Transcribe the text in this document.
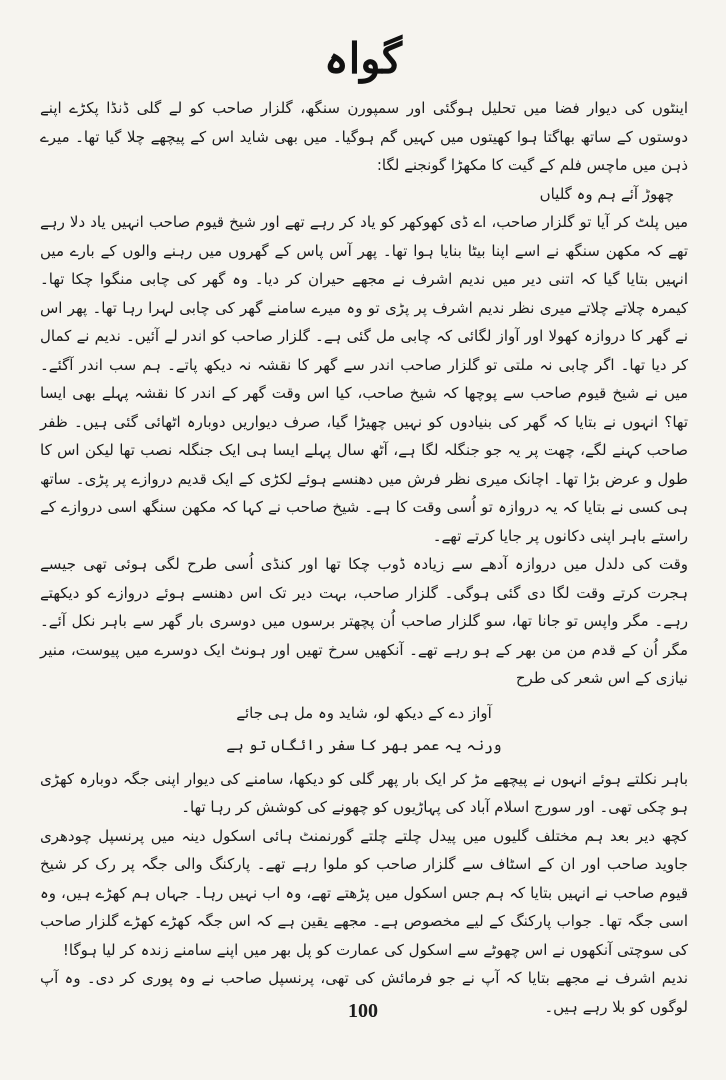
گواہ

اینٹوں کی دیوار فضا میں تحلیل ہوگئی اور سمپورن سنگھ، گلزار صاحب کو لے گلی ڈنڈا پکڑے اپنے دوستوں کے ساتھ بھاگتا ہوا کھیتوں میں کہیں گم ہوگیا۔ میں بھی شاید اس کے پیچھے چلا گیا تھا۔ میرے ذہن میں ماچس فلم کے گیت کا مکھڑا گونجنے لگا:

چھوڑ آئے ہم وہ گلیاں

میں پلٹ کر آیا تو گلزار صاحب، اے ڈی کھوکھر کو یاد کر رہے تھے اور شیخ قیوم صاحب انہیں یاد دلا رہے تھے کہ مکھن سنگھ نے اسے اپنا بیٹا بنایا ہوا تھا۔ پھر آس پاس کے گھروں میں رہنے والوں کے بارے میں انہیں بتایا گیا کہ اتنی دیر میں ندیم اشرف نے مجھے حیران کر دیا۔ وہ گھر کی چابی منگوا چکا تھا۔ کیمرہ چلاتے چلاتے میری نظر ندیم اشرف پر پڑی تو وہ میرے سامنے گھر کی چابی لہرا رہا تھا۔ پھر اس نے گھر کا دروازہ کھولا اور آواز لگائی کہ چابی مل گئی ہے۔ گلزار صاحب کو اندر لے آئیں۔ ندیم نے کمال کر دیا تھا۔ اگر چابی نہ ملتی تو گلزار صاحب اندر سے گھر کا نقشہ نہ دیکھ پاتے۔ ہم سب اندر آگئے۔ میں نے شیخ قیوم صاحب سے پوچھا کہ شیخ صاحب، کیا اس وقت گھر کے اندر کا نقشہ پہلے بھی ایسا تھا؟ انہوں نے بتایا کہ گھر کی بنیادوں کو نہیں چھیڑا گیا، صرف دیواریں دوبارہ اٹھائی گئی ہیں۔ ظفر صاحب کہنے لگے، چھت پر یہ جو جنگلہ لگا ہے، آٹھ سال پہلے ایسا ہی ایک جنگلہ نصب تھا لیکن اس کا طول و عرض بڑا تھا۔ اچانک میری نظر فرش میں دھنسے ہوئے لکڑی کے ایک قدیم دروازے پر پڑی۔ ساتھ ہی کسی نے بتایا کہ یہ دروازہ تو اُسی وقت کا ہے۔ شیخ صاحب نے کہا کہ مکھن سنگھ اسی دروازے کے راستے باہر اپنی دکانوں پر جایا کرتے تھے۔

وقت کی دلدل میں دروازہ آدھے سے زیادہ ڈوب چکا تھا اور کنڈی اُسی طرح لگی ہوئی تھی جیسے ہجرت کرتے وقت لگا دی گئی ہوگی۔ گلزار صاحب، بہت دیر تک اس دھنسے ہوئے دروازے کو دیکھتے رہے۔ مگر واپس تو جانا تھا، سو گلزار صاحب اُن پچھتر برسوں میں دوسری بار گھر سے باہر نکل آئے۔ مگر اُن کے قدم من من بھر کے ہو رہے تھے۔ آنکھیں سرخ تھیں اور ہونٹ ایک دوسرے میں پیوست، منیر نیازی کے اس شعر کی طرح

آواز دے کے دیکھ لو، شاید وہ مل ہی جائے
ورنہ یہ عمر بھر کا سفر رائگاں تو ہے

باہر نکلتے ہوئے انہوں نے پیچھے مڑ کر ایک بار پھر گلی کو دیکھا، سامنے کی دیوار اپنی جگہ دوبارہ کھڑی ہو چکی تھی۔ اور سورج اسلام آباد کی پہاڑیوں کو چھونے کی کوشش کر رہا تھا۔

کچھ دیر بعد ہم مختلف گلیوں میں پیدل چلتے چلتے گورنمنٹ ہائی اسکول دینہ میں پرنسپل چودھری جاوید صاحب اور ان کے اسٹاف سے گلزار صاحب کو ملوا رہے تھے۔ پارکنگ والی جگہ پر رک کر شیخ قیوم صاحب نے انہیں بتایا کہ ہم جس اسکول میں پڑھتے تھے، وہ اب نہیں رہا۔ جہاں ہم کھڑے ہیں، وہ اسی جگہ تھا۔ جواب پارکنگ کے لیے مخصوص ہے۔ مجھے یقین ہے کہ اس جگہ کھڑے کھڑے گلزار صاحب کی سوچتی آنکھوں نے اس چھوٹے سے اسکول کی عمارت کو پل بھر میں اپنے سامنے زندہ کر لیا ہوگا!

ندیم اشرف نے مجھے بتایا کہ آپ نے جو فرمائش کی تھی، پرنسپل صاحب نے وہ پوری کر دی۔ وہ آپ لوگوں کو بلا رہے ہیں۔

100
